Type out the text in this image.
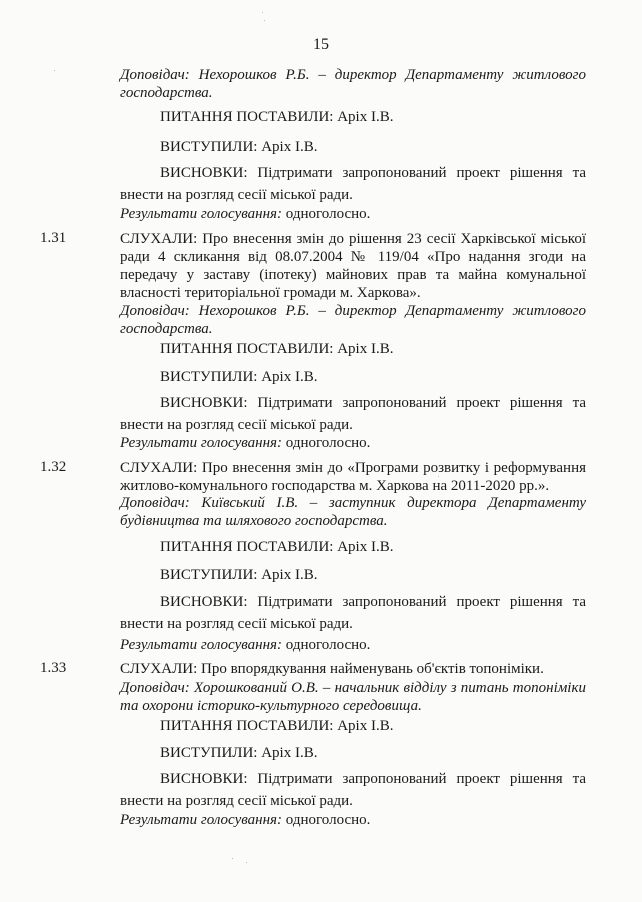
15

Доповідач: Нехорошков Р.Б. – директор Департаменту житлового господарства.

ПИТАННЯ ПОСТАВИЛИ: Аріх І.В.

ВИСТУПИЛИ: Аріх І.В.

ВИСНОВКИ: Підтримати запропонований проект рішення та внести на розгляд сесії міської ради.

Результати голосування: одноголосно.

1.31	СЛУХАЛИ: Про внесення змін до рішення 23 сесії Харківської міської ради 4 скликання від 08.07.2004 № 119/04 «Про надання згоди на передачу у заставу (іпотеку) майнових прав та майна комунальної власності територіальної громади м. Харкова».

Доповідач: Нехорошков Р.Б. – директор Департаменту житлового господарства.

ПИТАННЯ ПОСТАВИЛИ: Аріх І.В.

ВИСТУПИЛИ: Аріх І.В.

ВИСНОВКИ: Підтримати запропонований проект рішення та внести на розгляд сесії міської ради.

Результати голосування: одноголосно.

1.32	СЛУХАЛИ: Про внесення змін до «Програми розвитку і реформування житлово-комунального господарства м. Харкова на 2011-2020 рр.».

Доповідач: Київський І.В. – заступник директора Департаменту будівництва та шляхового господарства.

ПИТАННЯ ПОСТАВИЛИ: Аріх І.В.

ВИСТУПИЛИ: Аріх І.В.

ВИСНОВКИ: Підтримати запропонований проект рішення та внести на розгляд сесії міської ради.

Результати голосування: одноголосно.

1.33	СЛУХАЛИ: Про впорядкування найменувань об'єктів топоніміки.

Доповідач: Хорошкований О.В. – начальник відділу з питань топоніміки та охорони історико-культурного середовища.

ПИТАННЯ ПОСТАВИЛИ: Аріх І.В.

ВИСТУПИЛИ: Аріх І.В.

ВИСНОВКИ: Підтримати запропонований проект рішення та внести на розгляд сесії міської ради.

Результати голосування: одноголосно.
